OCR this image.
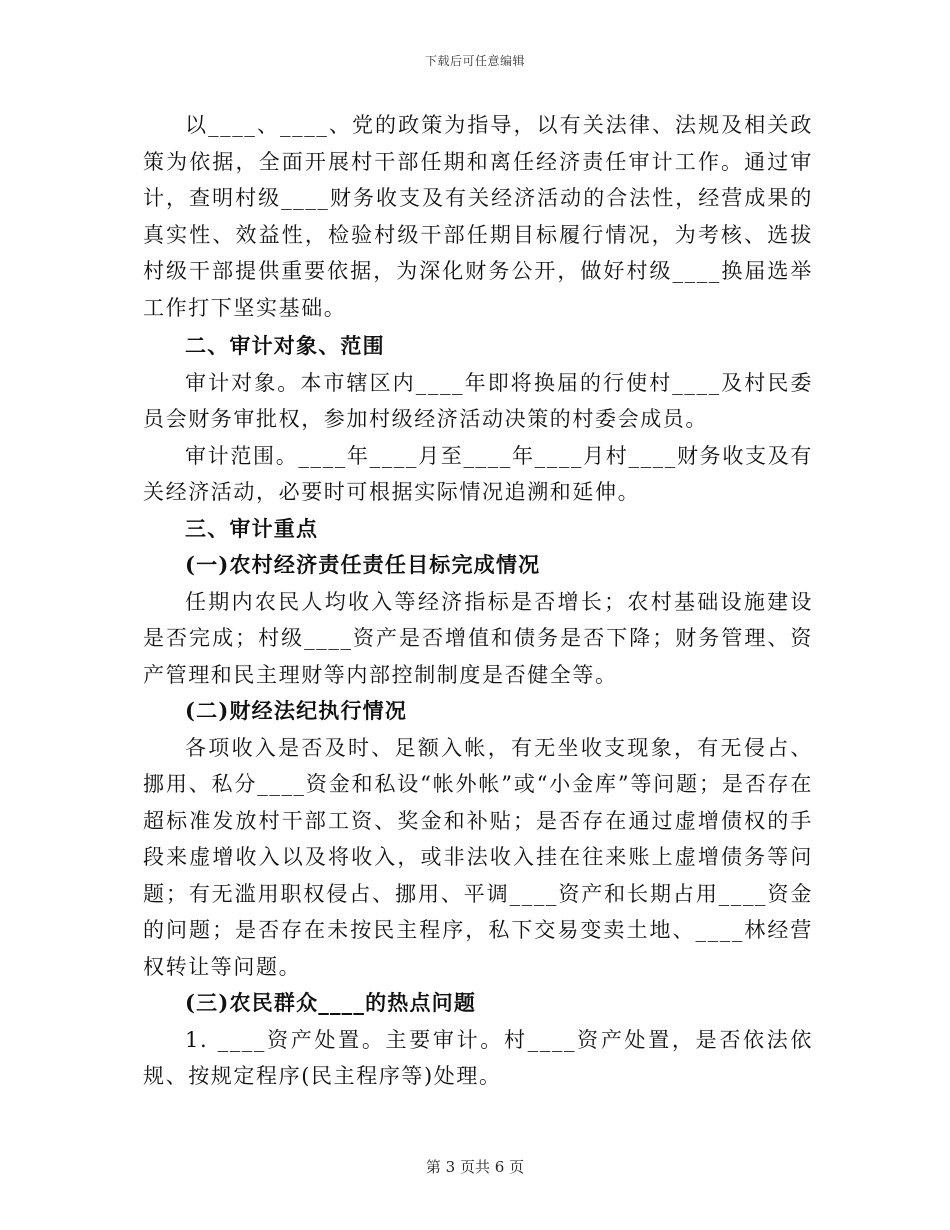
下载后可任意编辑

以____、____、党的政策为指导，以有关法律、法规及相关政策为依据，全面开展村干部任期和离任经济责任审计工作。通过审计，查明村级____财务收支及有关经济活动的合法性，经营成果的真实性、效益性，检验村级干部任期目标履行情况，为考核、选拔村级干部提供重要依据，为深化财务公开，做好村级____换届选举工作打下坚实基础。

二、审计对象、范围

审计对象。本市辖区内____年即将换届的行使村____及村民委员会财务审批权，参加村级经济活动决策的村委会成员。

审计范围。____年____月至____年____月村____财务收支及有关经济活动，必要时可根据实际情况追溯和延伸。

三、审计重点

(一)农村经济责任责任目标完成情况

任期内农民人均收入等经济指标是否增长；农村基础设施建设是否完成；村级____资产是否增值和债务是否下降；财务管理、资产管理和民主理财等内部控制制度是否健全等。

(二)财经法纪执行情况

各项收入是否及时、足额入帐，有无坐收支现象，有无侵占、挪用、私分____资金和私设“帐外帐”或“小金库”等问题；是否存在超标准发放村干部工资、奖金和补贴；是否存在通过虚增债权的手段来虚增收入以及将收入，或非法收入挂在往来账上虚增债务等问题；有无滥用职权侵占、挪用、平调____资产和长期占用____资金的问题；是否存在未按民主程序，私下交易变卖土地、____林经营权转让等问题。

(三)农民群众____的热点问题

1. ____资产处置。主要审计。村____资产处置，是否依法依规、按规定程序(民主程序等)处理。

第 3 页共 6 页
